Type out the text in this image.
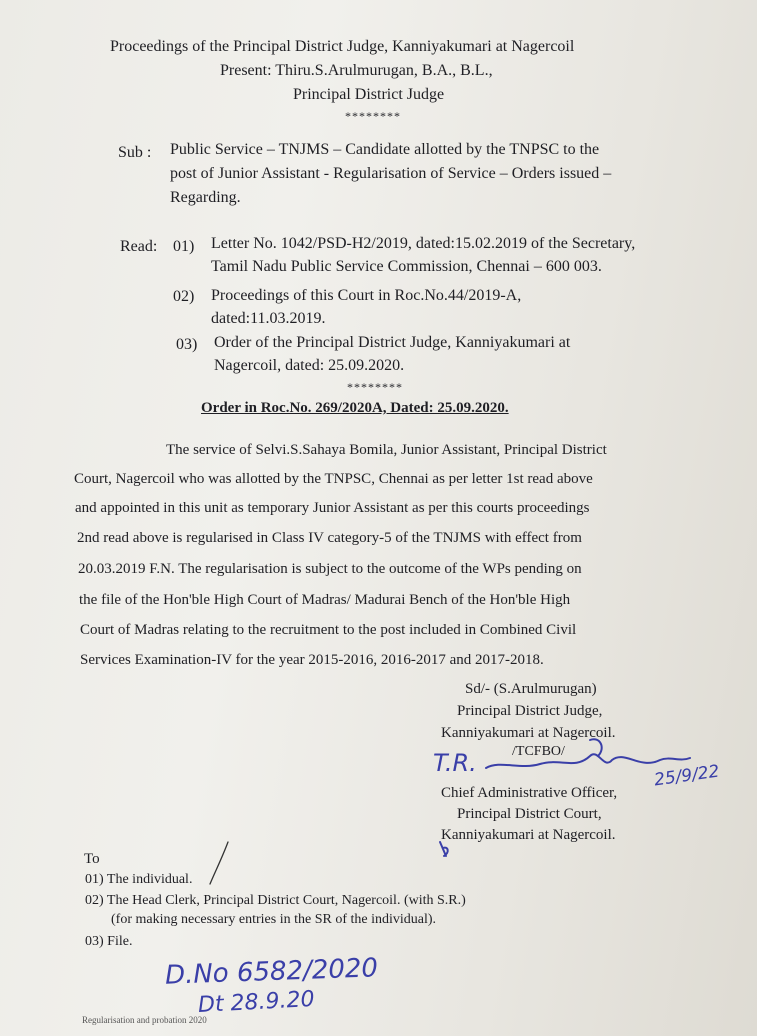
Proceedings of the Principal District Judge, Kanniyakumari at Nagercoil
Present: Thiru.S.Arulmurugan, B.A., B.L.,
Principal District Judge
********
Sub : Public Service – TNJMS – Candidate allotted by the TNPSC to the
post of Junior Assistant - Regularisation of Service – Orders issued –
Regarding.
Read: 01) Letter No. 1042/PSD-H2/2019, dated:15.02.2019 of the Secretary,
Tamil Nadu Public Service Commission, Chennai – 600 003.
02) Proceedings of this Court in Roc.No.44/2019-A,
dated:11.03.2019.
03) Order of the Principal District Judge, Kanniyakumari at
Nagercoil, dated: 25.09.2020.
********
Order in Roc.No. 269/2020A, Dated: 25.09.2020.
The service of Selvi.S.Sahaya Bomila, Junior Assistant, Principal District
Court, Nagercoil who was allotted by the TNPSC, Chennai as per letter 1st read above
and appointed in this unit as temporary Junior Assistant as per this courts proceedings
2nd read above is regularised in Class IV category-5 of the TNJMS with effect from
20.03.2019 F.N. The regularisation is subject to the outcome of the WPs pending on
the file of the Hon'ble High Court of Madras/ Madurai Bench of the Hon'ble High
Court of Madras relating to the recruitment to the post included in Combined Civil
Services Examination-IV for the year 2015-2016, 2016-2017 and 2017-2018.
Sd/- (S.Arulmurugan)
Principal District Judge,
Kanniyakumari at Nagercoil.
/TCFBO/
Chief Administrative Officer,
Principal District Court,
Kanniyakumari at Nagercoil.
T.R.	25/9/22
To
01) The individual.
02) The Head Clerk, Principal District Court, Nagercoil. (with S.R.)
(for making necessary entries in the SR of the individual).
03) File.
D.No 6582/2020
Dt 28.9.20
Regularisation and probation 2020
